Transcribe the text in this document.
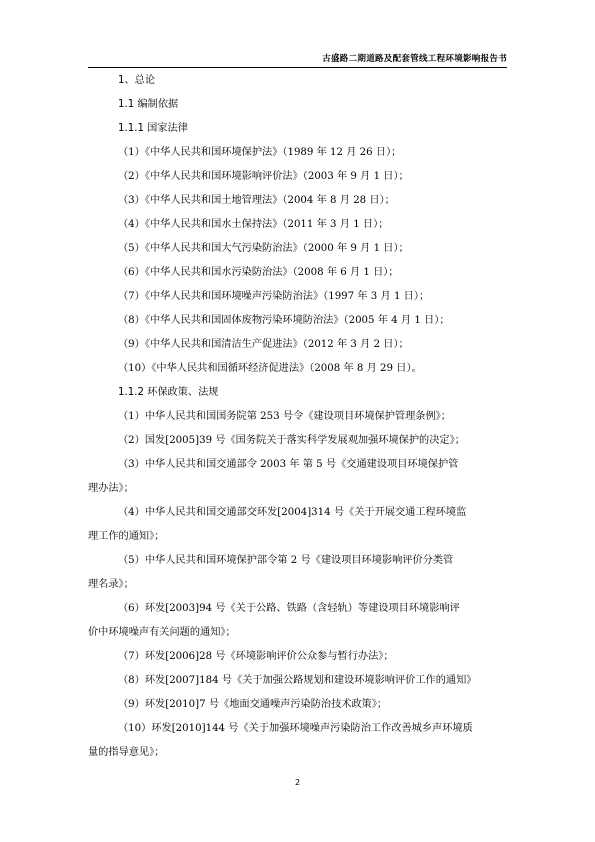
古盛路二期道路及配套管线工程环境影响报告书
1、总论
1.1 编制依据
1.1.1 国家法律
（1）《中华人民共和国环境保护法》（1989 年 12 月 26 日）；
（2）《中华人民共和国环境影响评价法》（2003 年 9 月 1 日）；
（3）《中华人民共和国土地管理法》（2004 年 8 月 28 日）；
（4）《中华人民共和国水土保持法》（2011 年 3 月 1 日）；
（5）《中华人民共和国大气污染防治法》（2000 年 9 月 1 日）；
（6）《中华人民共和国水污染防治法》（2008 年 6 月 1 日）；
（7）《中华人民共和国环境噪声污染防治法》（1997 年 3 月 1 日）；
（8）《中华人民共和国固体废物污染环境防治法》（2005 年 4 月 1 日）；
（9）《中华人民共和国清洁生产促进法》（2012 年 3 月 2 日）；
（10）《中华人民共和国循环经济促进法》（2008 年 8 月 29 日）。
1.1.2 环保政策、法规
（1）中华人民共和国国务院第 253 号令《建设项目环境保护管理条例》；
（2）国发[2005]39 号《国务院关于落实科学发展观加强环境保护的决定》；
（3）中华人民共和国交通部令 2003 年 第 5 号《交通建设项目环境保护管
理办法》；
（4）中华人民共和国交通部交环发[2004]314 号《关于开展交通工程环境监
理工作的通知》；
（5）中华人民共和国环境保护部令第 2 号《建设项目环境影响评价分类管
理名录》；
（6）环发[2003]94 号《关于公路、铁路（含轻轨）等建设项目环境影响评
价中环境噪声有关问题的通知》；
（7）环发[2006]28 号《环境影响评价公众参与暂行办法》；
（8）环发[2007]184 号《关于加强公路规划和建设环境影响评价工作的通知》
（9）环发[2010]7 号《地面交通噪声污染防治技术政策》；
（10）环发[2010]144 号《关于加强环境噪声污染防治工作改善城乡声环境质
量的指导意见》；
2
